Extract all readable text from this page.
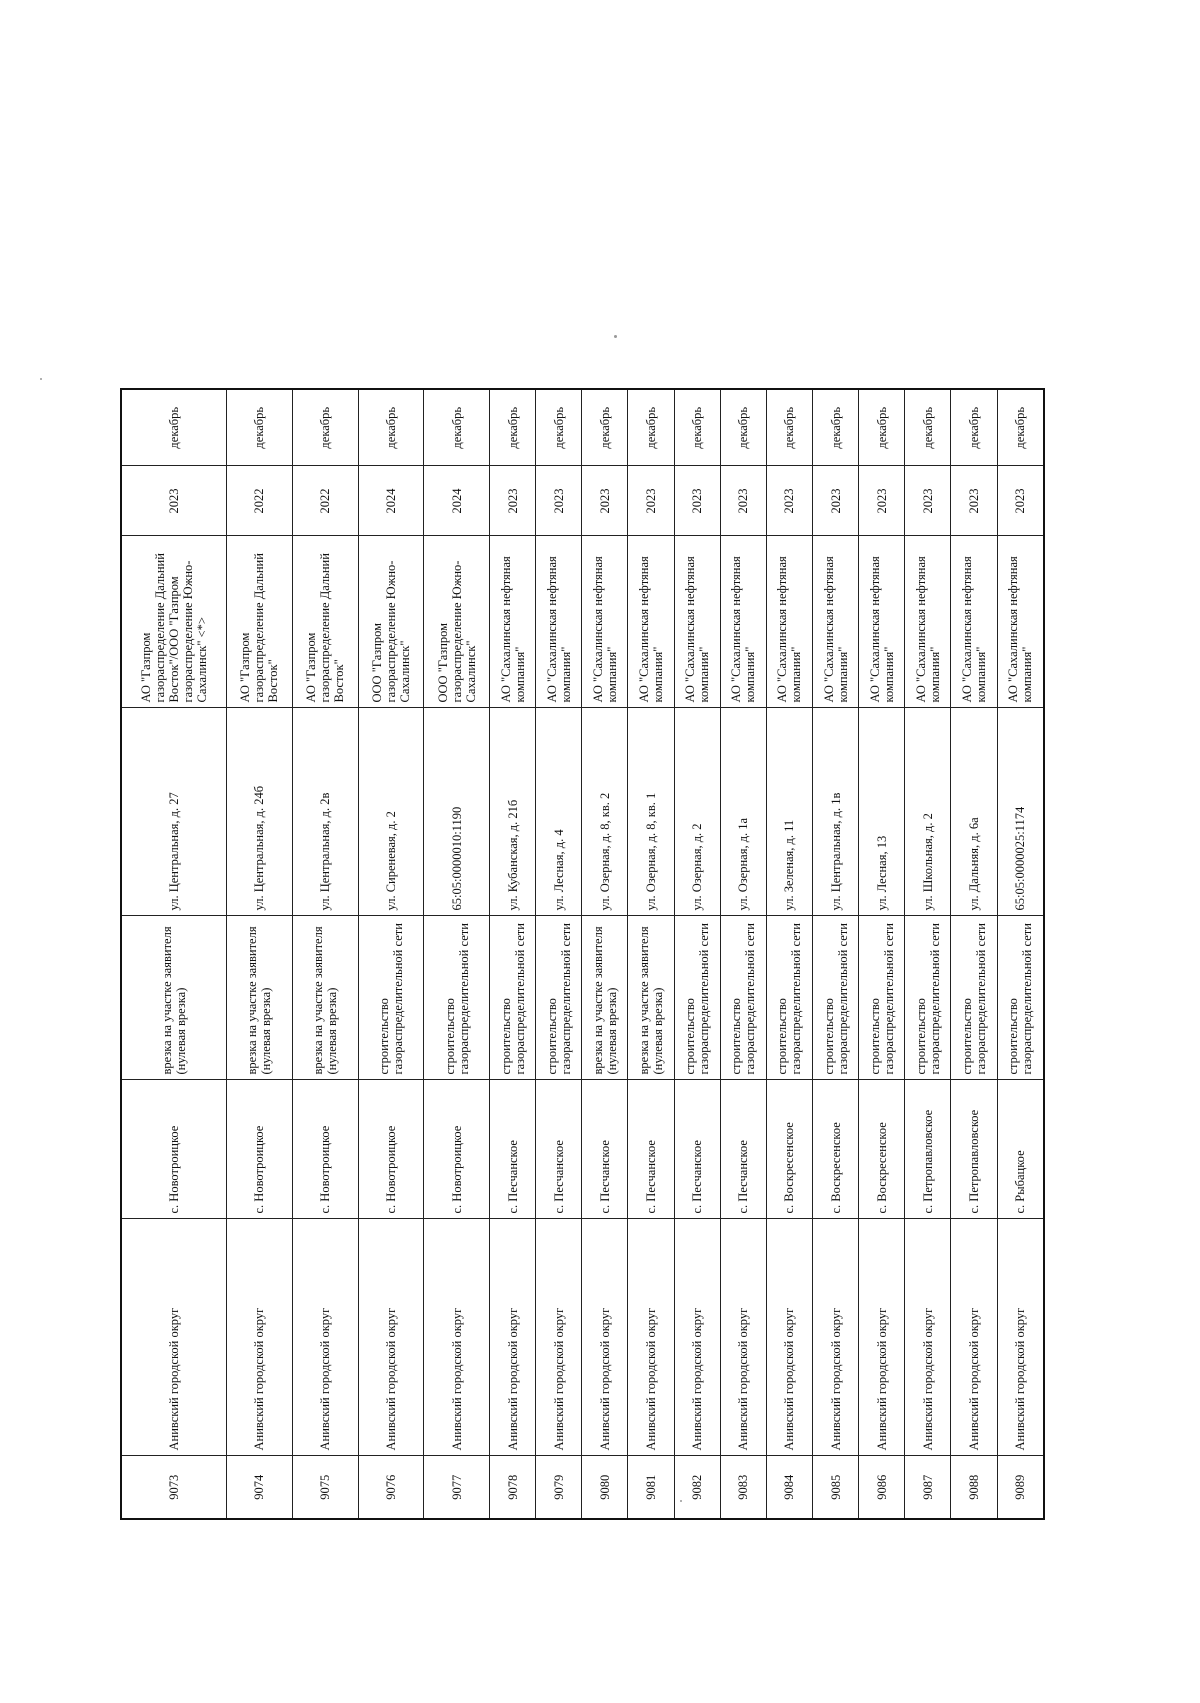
9073	Анивский городской округ	с. Новотроицкое	врезка на участке заявителя (нулевая врезка)	ул. Центральная, д. 27	АО "Газпром газораспределение Дальний Восток"/ООО "Газпром газораспределение Южно-Сахалинск" <*>	2023	декабрь
9074	Анивский городской округ	с. Новотроицкое	врезка на участке заявителя (нулевая врезка)	ул. Центральная, д. 24б	АО "Газпром газораспределение Дальний Восток"	2022	декабрь
9075	Анивский городской округ	с. Новотроицкое	врезка на участке заявителя (нулевая врезка)	ул. Центральная, д. 2в	АО "Газпром газораспределение Дальний Восток"	2022	декабрь
9076	Анивский городской округ	с. Новотроицкое	строительство газораспределительной сети	ул. Сиреневая, д. 2	ООО "Газпром газораспределение Южно-Сахалинск"	2024	декабрь
9077	Анивский городской округ	с. Новотроицкое	строительство газораспределительной сети	65:05:0000010:1190	ООО "Газпром газораспределение Южно-Сахалинск"	2024	декабрь
9078	Анивский городской округ	с. Песчанское	строительство газораспределительной сети	ул. Кубанская, д. 21б	АО "Сахалинская нефтяная компания"	2023	декабрь
9079	Анивский городской округ	с. Песчанское	строительство газораспределительной сети	ул. Лесная, д. 4	АО "Сахалинская нефтяная компания"	2023	декабрь
9080	Анивский городской округ	с. Песчанское	врезка на участке заявителя (нулевая врезка)	ул. Озерная, д. 8, кв. 2	АО "Сахалинская нефтяная компания"	2023	декабрь
9081	Анивский городской округ	с. Песчанское	врезка на участке заявителя (нулевая врезка)	ул. Озерная, д. 8, кв. 1	АО "Сахалинская нефтяная компания"	2023	декабрь
9082	Анивский городской округ	с. Песчанское	строительство газораспределительной сети	ул. Озерная, д. 2	АО "Сахалинская нефтяная компания"	2023	декабрь
9083	Анивский городской округ	с. Песчанское	строительство газораспределительной сети	ул. Озерная, д. 1а	АО "Сахалинская нефтяная компания"	2023	декабрь
9084	Анивский городской округ	с. Воскресенское	строительство газораспределительной сети	ул. Зеленая, д. 11	АО "Сахалинская нефтяная компания"	2023	декабрь
9085	Анивский городской округ	с. Воскресенское	строительство газораспределительной сети	ул. Центральная, д. 1в	АО "Сахалинская нефтяная компания"	2023	декабрь
9086	Анивский городской округ	с. Воскресенское	строительство газораспределительной сети	ул. Лесная, 13	АО "Сахалинская нефтяная компания"	2023	декабрь
9087	Анивский городской округ	с. Петропавловское	строительство газораспределительной сети	ул. Школьная, д. 2	АО "Сахалинская нефтяная компания"	2023	декабрь
9088	Анивский городской округ	с. Петропавловское	строительство газораспределительной сети	ул. Дальняя, д. 6а	АО "Сахалинская нефтяная компания"	2023	декабрь
9089	Анивский городской округ	с. Рыбацкое	строительство газораспределительной сети	65:05:0000025:1174	АО "Сахалинская нефтяная компания"	2023	декабрь
